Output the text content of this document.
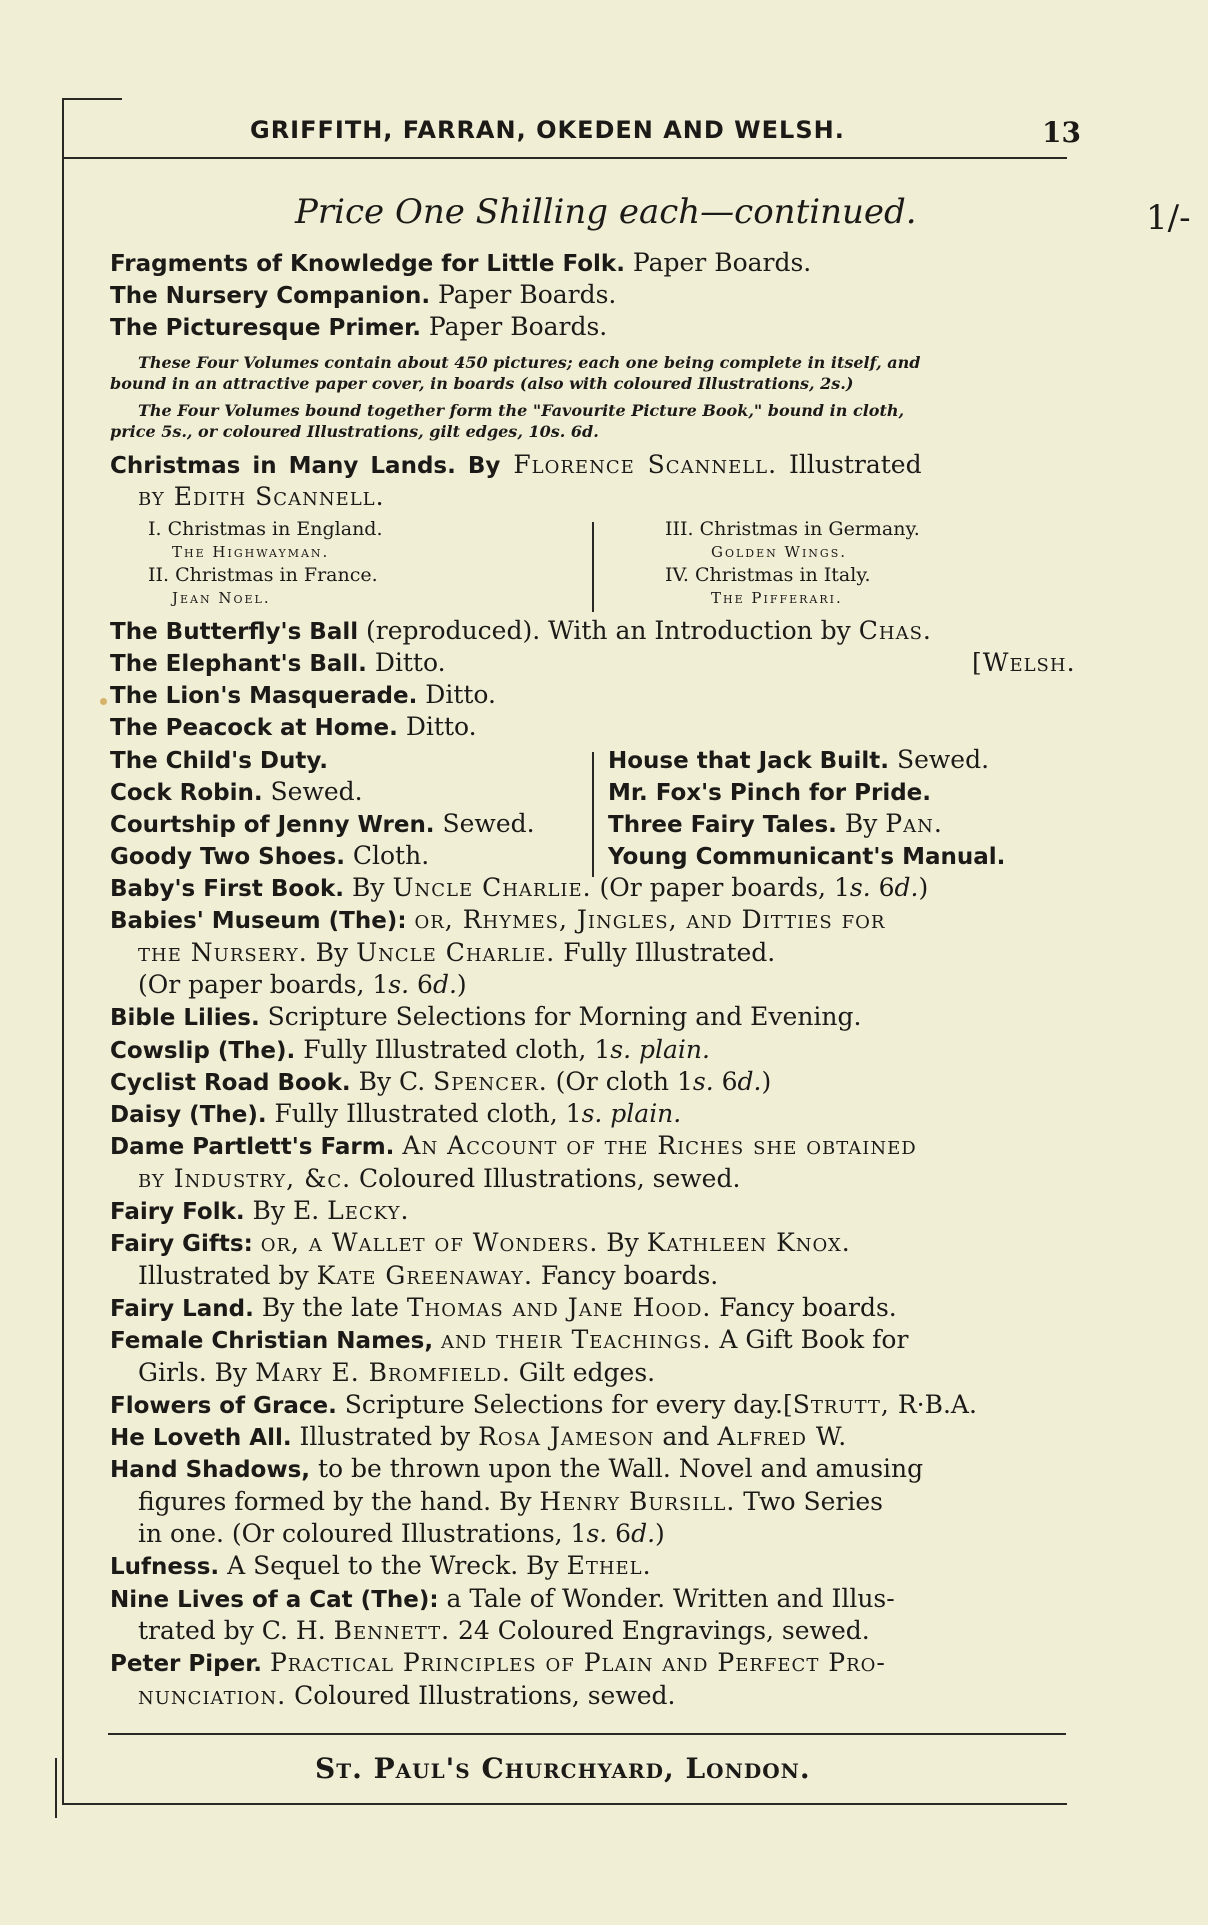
GRIFFITH, FARRAN, OKEDEN AND WELSH.	13
1/-
Price One Shilling each—continued.
Fragments of Knowledge for Little Folk. Paper Boards.
The Nursery Companion. Paper Boards.
The Picturesque Primer. Paper Boards.
These Four Volumes contain about 450 pictures; each one being complete in itself, and
bound in an attractive paper cover, in boards (also with coloured Illustrations, 2s.)
The Four Volumes bound together form the "Favourite Picture Book," bound in cloth,
price 5s., or coloured Illustrations, gilt edges, 10s. 6d.
Christmas in Many Lands. By Florence Scannell. Illustrated
by Edith Scannell.
I. Christmas in England.
The Highwayman.
II. Christmas in France.
Jean Noel.
III. Christmas in Germany.
Golden Wings.
IV. Christmas in Italy.
The Pifferari.
The Butterfly's Ball (reproduced). With an Introduction by Chas.
The Elephant's Ball. Ditto.	[Welsh.
The Lion's Masquerade. Ditto.
The Peacock at Home. Ditto.
The Child's Duty.
Cock Robin. Sewed.
Courtship of Jenny Wren. Sewed.
Goody Two Shoes. Cloth.
House that Jack Built. Sewed.
Mr. Fox's Pinch for Pride.
Three Fairy Tales. By Pan.
Young Communicant's Manual.
Baby's First Book. By Uncle Charlie. (Or paper boards, 1s. 6d.)
Babies' Museum (The): or, Rhymes, Jingles, and Ditties for
the Nursery. By Uncle Charlie. Fully Illustrated.
(Or paper boards, 1s. 6d.)
Bible Lilies. Scripture Selections for Morning and Evening.
Cowslip (The). Fully Illustrated cloth, 1s. plain.
Cyclist Road Book. By C. Spencer. (Or cloth 1s. 6d.)
Daisy (The). Fully Illustrated cloth, 1s. plain.
Dame Partlett's Farm. An Account of the Riches she obtained
by Industry, &c. Coloured Illustrations, sewed.
Fairy Folk. By E. Lecky.
Fairy Gifts: or, a Wallet of Wonders. By Kathleen Knox.
Illustrated by Kate Greenaway. Fancy boards.
Fairy Land. By the late Thomas and Jane Hood. Fancy boards.
Female Christian Names, and their Teachings. A Gift Book for
Girls. By Mary E. Bromfield. Gilt edges.
Flowers of Grace. Scripture Selections for every day.[Strutt, R·B.A.
He Loveth All. Illustrated by Rosa Jameson and Alfred W.
Hand Shadows, to be thrown upon the Wall. Novel and amusing
figures formed by the hand. By Henry Bursill. Two Series
in one. (Or coloured Illustrations, 1s. 6d.)
Lufness. A Sequel to the Wreck. By Ethel.
Nine Lives of a Cat (The): a Tale of Wonder. Written and Illus-
trated by C. H. Bennett. 24 Coloured Engravings, sewed.
Peter Piper. Practical Principles of Plain and Perfect Pro-
nunciation. Coloured Illustrations, sewed.
St. Paul's Churchyard, London.
